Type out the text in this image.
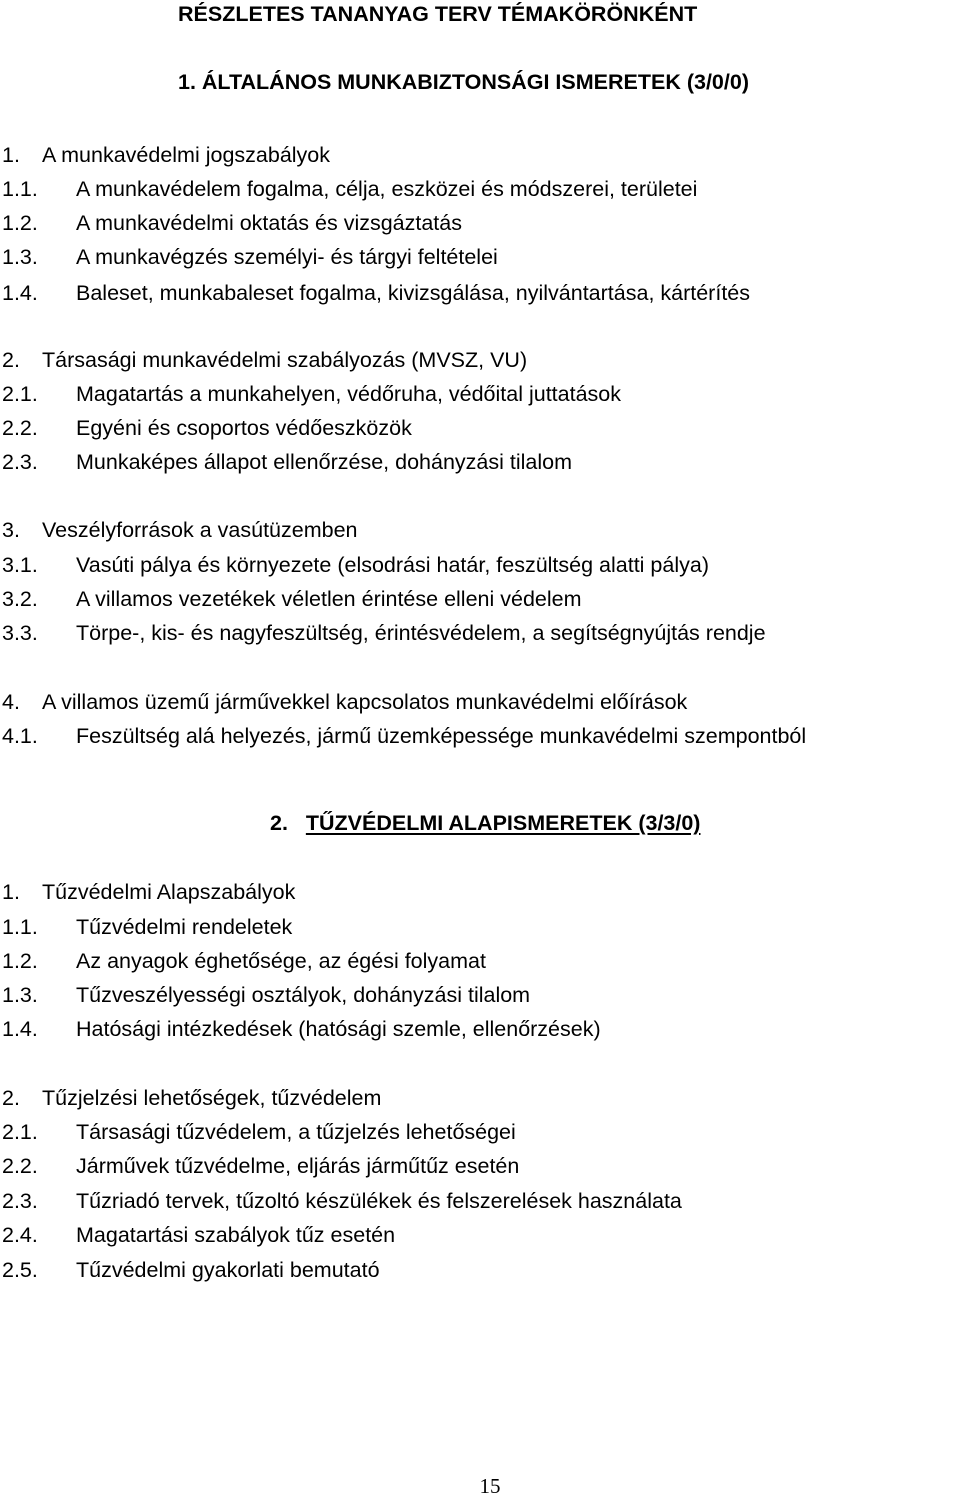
RÉSZLETES TANANYAG TERV TÉMAKÖRÖNKÉNT
1. ÁLTALÁNOS MUNKABIZTONSÁGI ISMERETEK (3/0/0)
1. A munkavédelmi jogszabályok
1.1. A munkavédelem fogalma, célja, eszközei és módszerei, területei
1.2. A munkavédelmi oktatás és vizsgáztatás
1.3. A munkavégzés személyi- és tárgyi feltételei
1.4. Baleset, munkabaleset fogalma, kivizsgálása, nyilvántartása, kártérítés
2. Társasági munkavédelmi szabályozás (MVSZ, VU)
2.1. Magatartás a munkahelyen, védőruha, védőital juttatások
2.2. Egyéni és csoportos védőeszközök
2.3. Munkaképes állapot ellenőrzése, dohányzási tilalom
3. Veszélyforrások a vasútüzemben
3.1. Vasúti pálya és környezete (elsodrási határ, feszültség alatti pálya)
3.2. A villamos vezetékek véletlen érintése elleni védelem
3.3. Törpe-, kis- és nagyfeszültség, érintésvédelem, a segítségnyújtás rendje
4. A villamos üzemű járművekkel kapcsolatos munkavédelmi előírások
4.1. Feszültség alá helyezés, jármű üzemképessége munkavédelmi szempontból
2. TŰZVÉDELMI ALAPISMERETEK (3/3/0)
1. Tűzvédelmi Alapszabályok
1.1. Tűzvédelmi rendeletek
1.2. Az anyagok éghetősége, az égési folyamat
1.3. Tűzveszélyességi osztályok, dohányzási tilalom
1.4. Hatósági intézkedések (hatósági szemle, ellenőrzések)
2. Tűzjelzési lehetőségek, tűzvédelem
2.1. Társasági tűzvédelem, a tűzjelzés lehetőségei
2.2. Járművek tűzvédelme, eljárás járműtűz esetén
2.3. Tűzriadó tervek, tűzoltó készülékek és felszerelések használata
2.4. Magatartási szabályok tűz esetén
2.5. Tűzvédelmi gyakorlati bemutató
15
